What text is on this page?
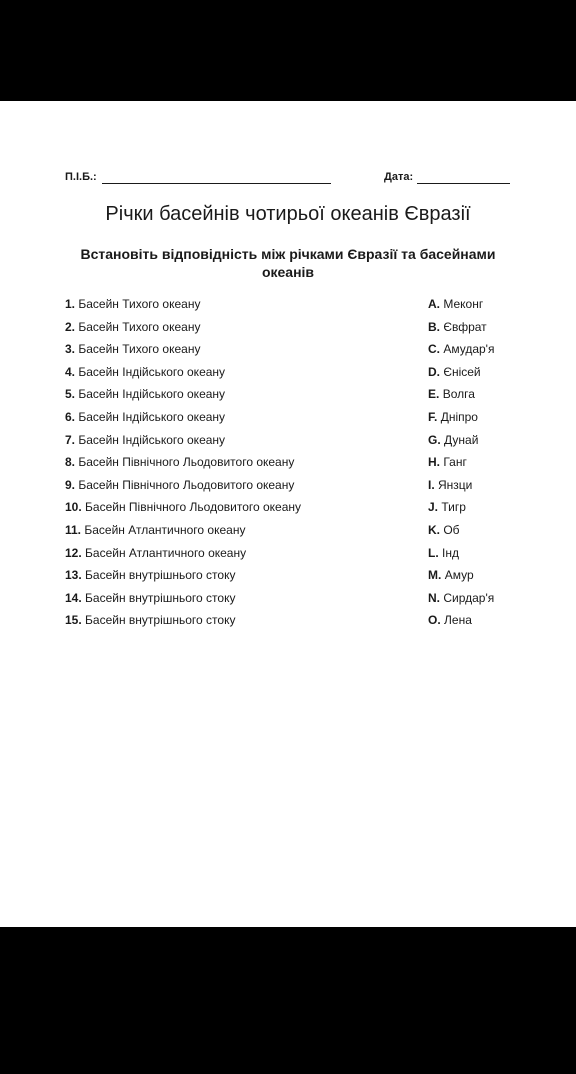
П.І.Б.:	Дата:
Річки басейнів чотирьої океанів Євразії
Встановіть відповідність між річками Євразії та басейнами океанів
1. Басейн Тихого океану	A. Меконг
2. Басейн Тихого океану	B. Євфрат
3. Басейн Тихого океану	C. Амудар'я
4. Басейн Індійського океану	D. Єнісей
5. Басейн Індійського океану	E. Волга
6. Басейн Індійського океану	F. Дніпро
7. Басейн Індійського океану	G. Дунай
8. Басейн Північного Льодовитого океану	H. Ганг
9. Басейн Північного Льодовитого океану	I. Янзци
10. Басейн Північного Льодовитого океану	J. Тигр
11. Басейн Атлантичного океану	K. Об
12. Басейн Атлантичного океану	L. Інд
13. Басейн внутрішнього стоку	M. Амур
14. Басейн внутрішнього стоку	N. Сирдар'я
15. Басейн внутрішнього стоку	O. Лена
